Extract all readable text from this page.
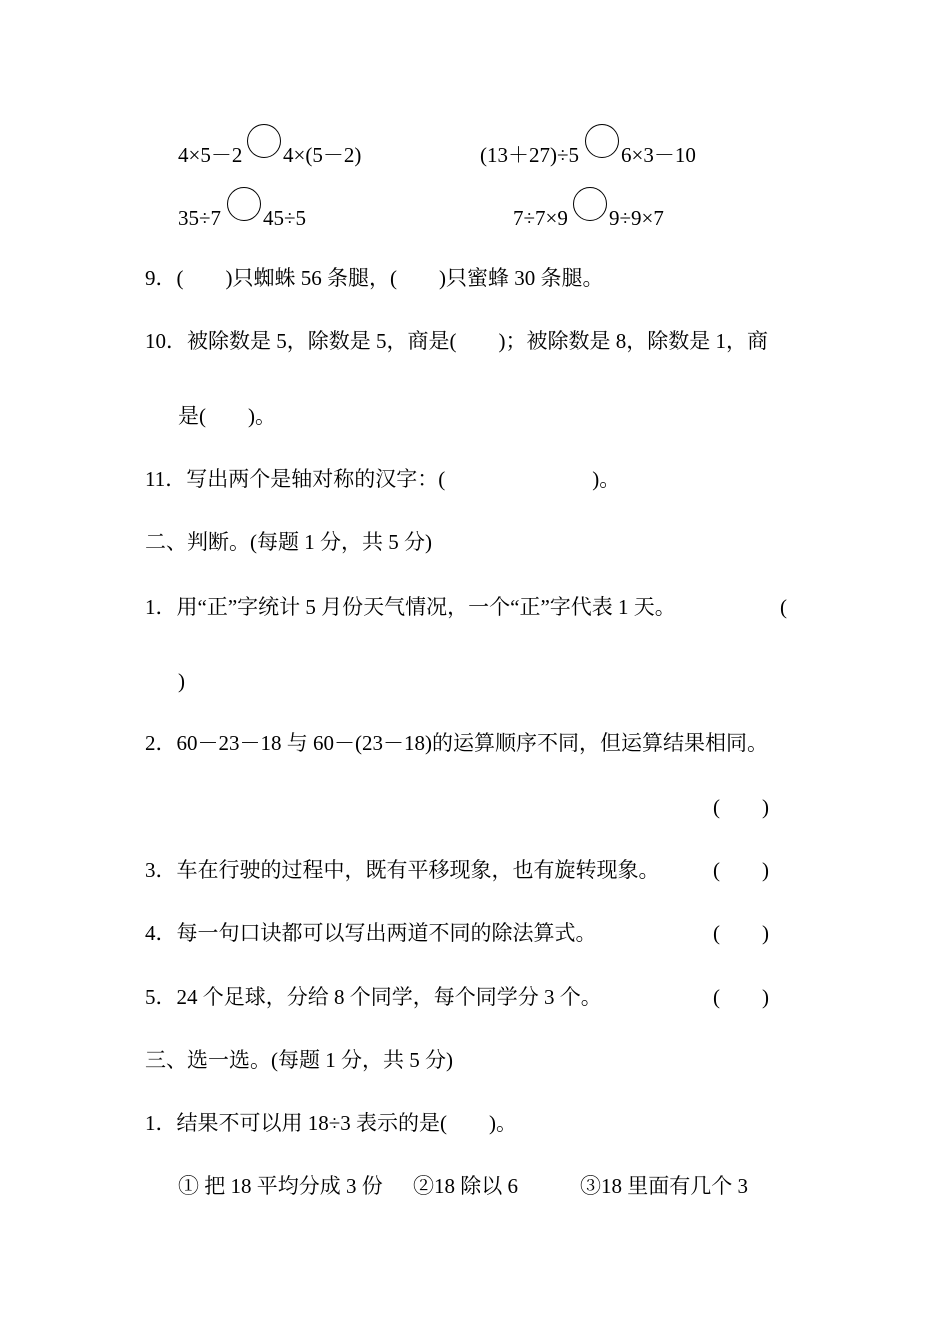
4×5－2 4×(5－2)	(13＋27)÷5 6×3－10
35÷7 45÷5	7÷7×9 9÷9×7
9．(　　)只蜘蛛 56 条腿，(　　)只蜜蜂 30 条腿。
10．被除数是 5，除数是 5，商是(　　)；被除数是 8，除数是 1，商
是(　　)。
11．写出两个是轴对称的汉字：(　　　　　　　)。
二、判断。(每题 1 分，共 5 分)
1．用“正”字统计 5 月份天气情况，一个“正”字代表 1 天。	(
)
2．60－23－18 与 60－(23－18)的运算顺序不同，但运算结果相同。
(　　)
3．车在行驶的过程中，既有平移现象，也有旋转现象。	(　　)
4．每一句口诀都可以写出两道不同的除法算式。	(　　)
5．24 个足球，分给 8 个同学，每个同学分 3 个。	(　　)
三、选一选。(每题 1 分，共 5 分)
1．结果不可以用 18÷3 表示的是(　　)。
① 把 18 平均分成 3 份 ②18 除以 6	③18 里面有几个 3
